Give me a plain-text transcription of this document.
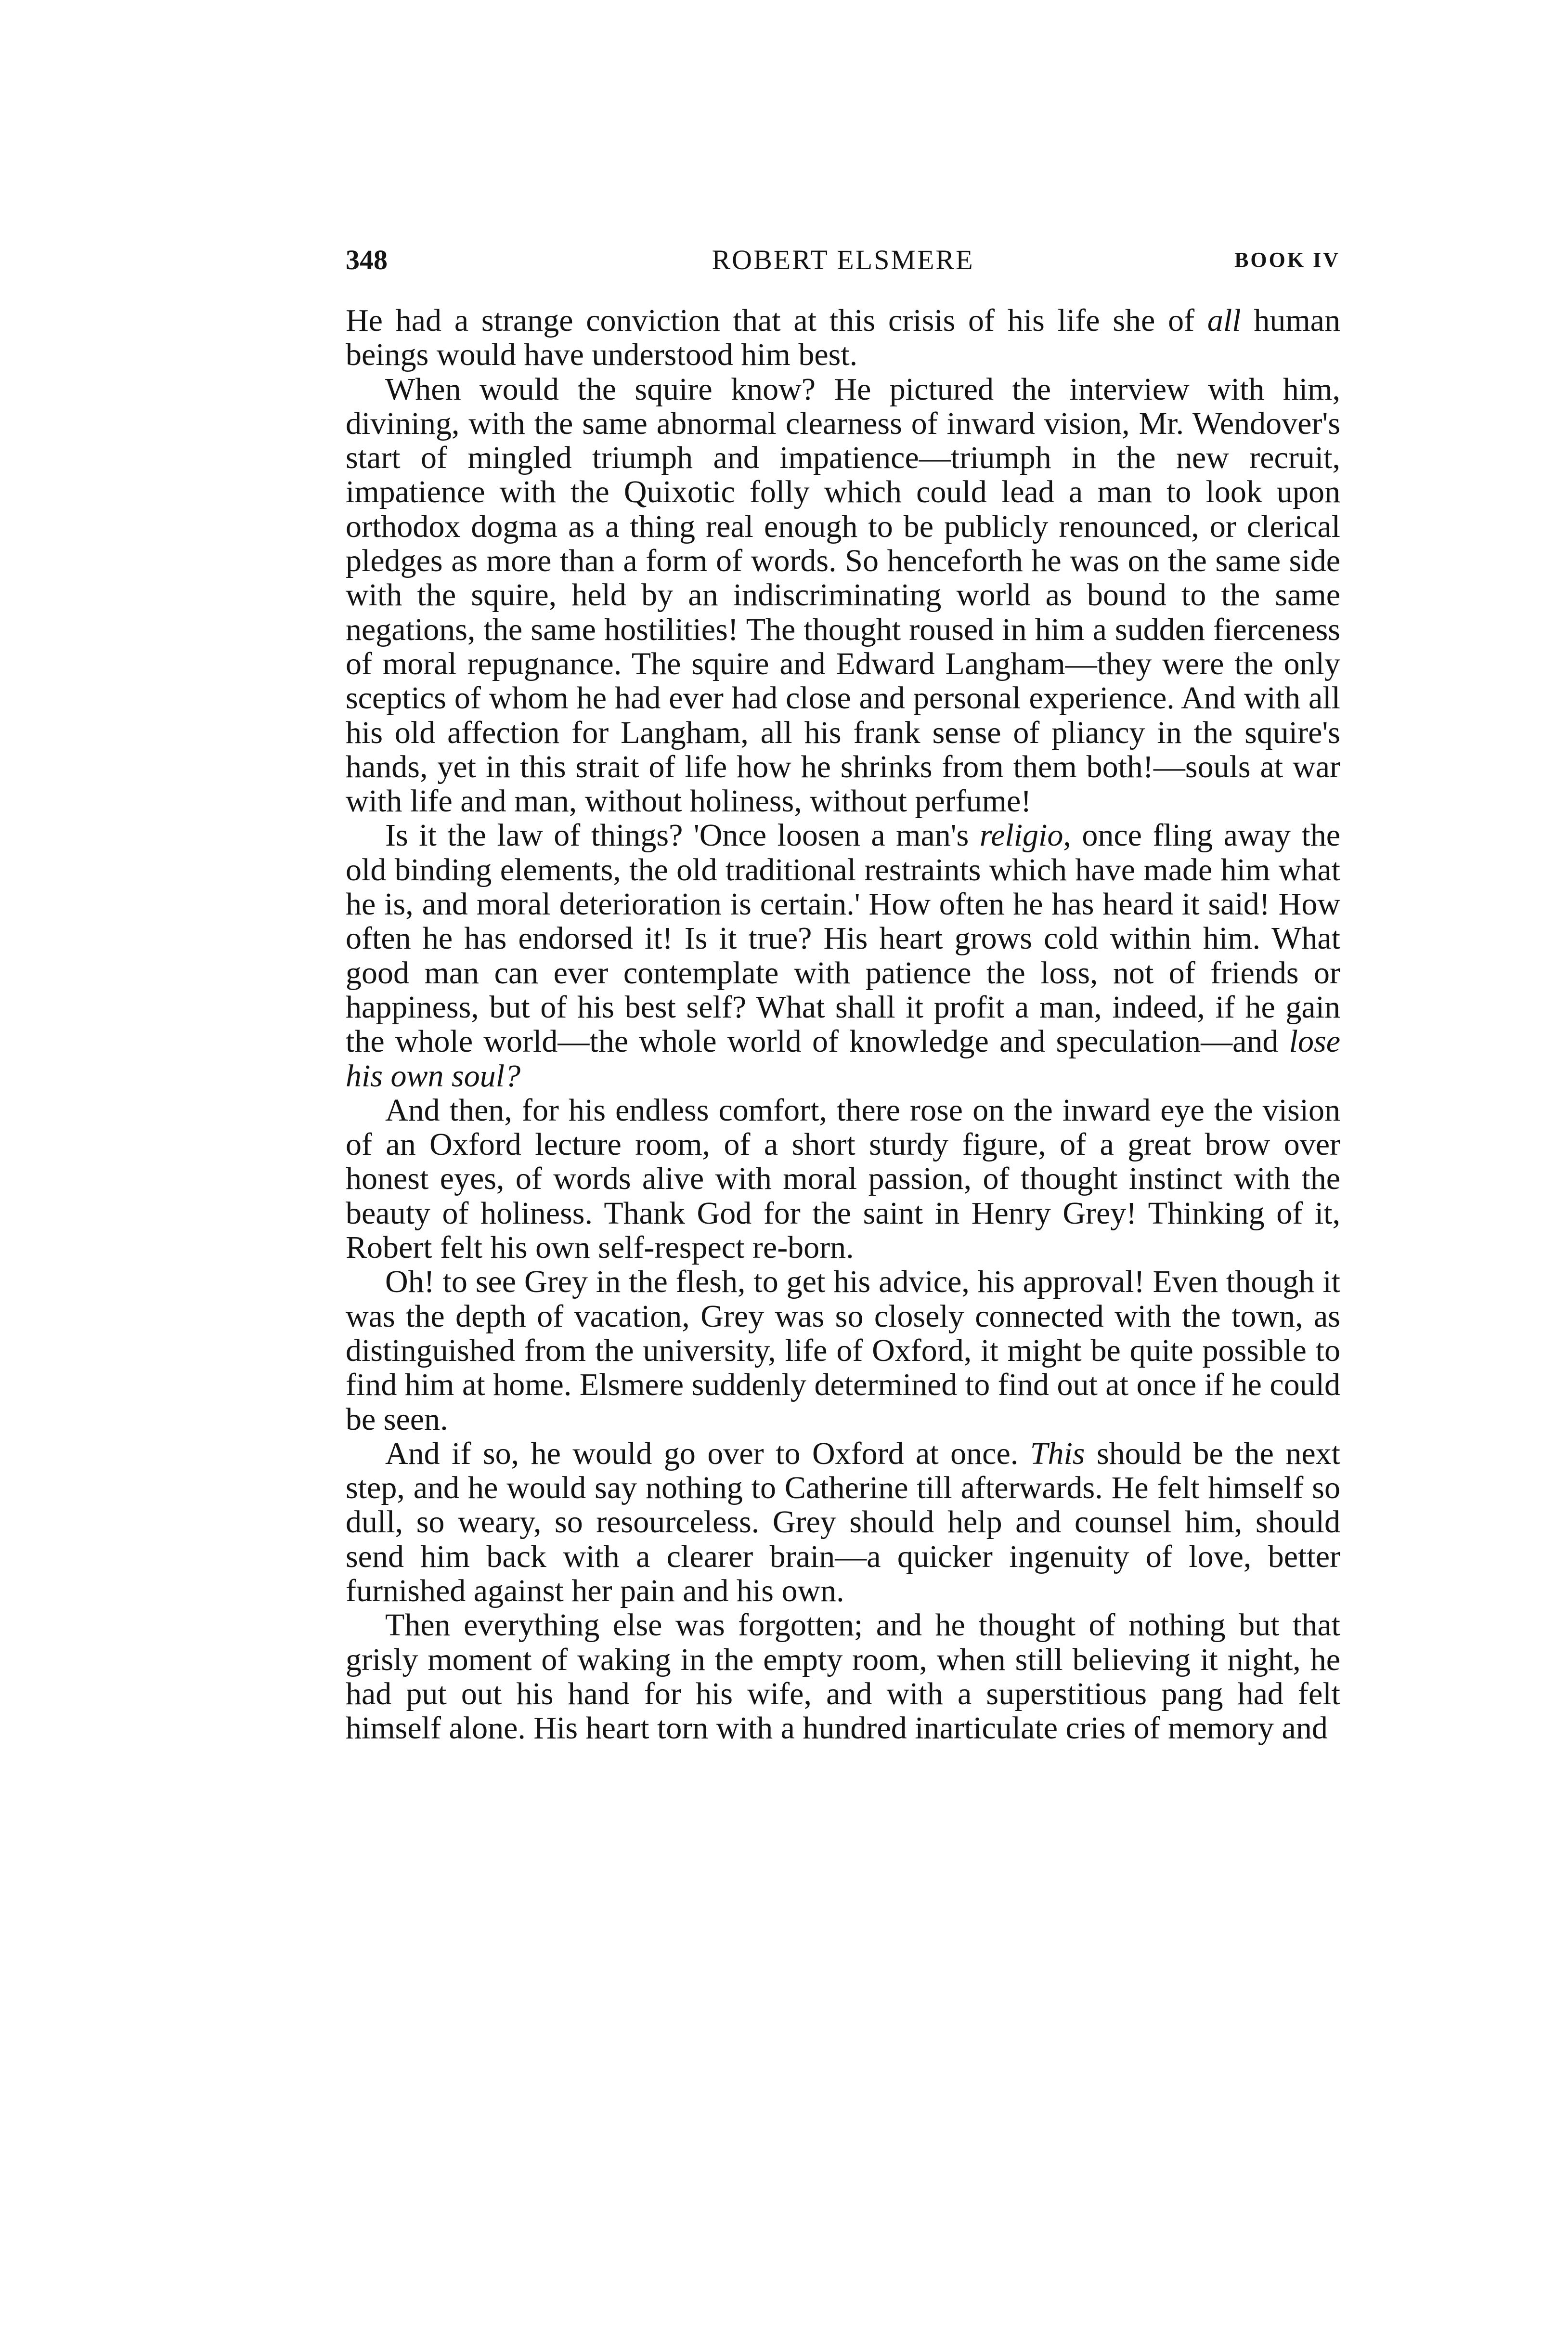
348	ROBERT ELSMERE	BOOK IV

He had a strange conviction that at this crisis of his life she of all human beings would have understood him best.

When would the squire know? He pictured the interview with him, divining, with the same abnormal clearness of inward vision, Mr. Wendover's start of mingled triumph and impatience—triumph in the new recruit, impatience with the Quixotic folly which could lead a man to look upon orthodox dogma as a thing real enough to be publicly renounced, or clerical pledges as more than a form of words. So henceforth he was on the same side with the squire, held by an indiscriminating world as bound to the same negations, the same hostilities! The thought roused in him a sudden fierceness of moral repugnance. The squire and Edward Langham—they were the only sceptics of whom he had ever had close and personal experience. And with all his old affection for Langham, all his frank sense of pliancy in the squire's hands, yet in this strait of life how he shrinks from them both!—souls at war with life and man, without holiness, without perfume!

Is it the law of things? 'Once loosen a man's religio, once fling away the old binding elements, the old traditional restraints which have made him what he is, and moral deterioration is certain.' How often he has heard it said! How often he has endorsed it! Is it true? His heart grows cold within him. What good man can ever contemplate with patience the loss, not of friends or happiness, but of his best self? What shall it profit a man, indeed, if he gain the whole world—the whole world of knowledge and speculation—and lose his own soul?

And then, for his endless comfort, there rose on the inward eye the vision of an Oxford lecture room, of a short sturdy figure, of a great brow over honest eyes, of words alive with moral passion, of thought instinct with the beauty of holiness. Thank God for the saint in Henry Grey! Thinking of it, Robert felt his own self-respect re-born.

Oh! to see Grey in the flesh, to get his advice, his approval! Even though it was the depth of vacation, Grey was so closely connected with the town, as distinguished from the university, life of Oxford, it might be quite possible to find him at home. Elsmere suddenly determined to find out at once if he could be seen.

And if so, he would go over to Oxford at once. This should be the next step, and he would say nothing to Catherine till afterwards. He felt himself so dull, so weary, so resourceless. Grey should help and counsel him, should send him back with a clearer brain—a quicker ingenuity of love, better furnished against her pain and his own.

Then everything else was forgotten; and he thought of nothing but that grisly moment of waking in the empty room, when still believing it night, he had put out his hand for his wife, and with a superstitious pang had felt himself alone. His heart torn with a hundred inarticulate cries of memory and
